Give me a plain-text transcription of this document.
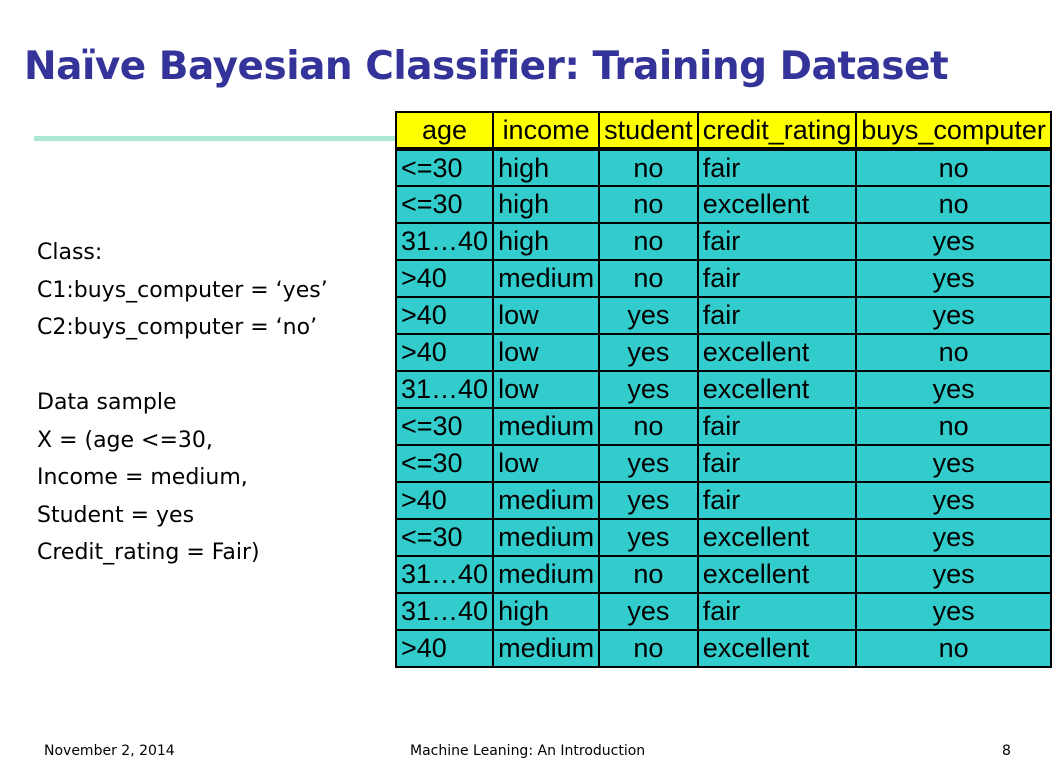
Naïve Bayesian Classifier: Training Dataset
Class:
C1:buys_computer = ‘yes’
C2:buys_computer = ‘no’
Data sample
X = (age <=30,
Income = medium,
Student = yes
Credit_rating = Fair)
age	income	student	credit_rating	buys_computer
<=30	high	no	fair	no
<=30	high	no	excellent	no
31…40	high	no	fair	yes
>40	medium	no	fair	yes
>40	low	yes	fair	yes
>40	low	yes	excellent	no
31…40	low	yes	excellent	yes
<=30	medium	no	fair	no
<=30	low	yes	fair	yes
>40	medium	yes	fair	yes
<=30	medium	yes	excellent	yes
31…40	medium	no	excellent	yes
31…40	high	yes	fair	yes
>40	medium	no	excellent	no
November 2, 2014	Machine Leaning: An Introduction	8
